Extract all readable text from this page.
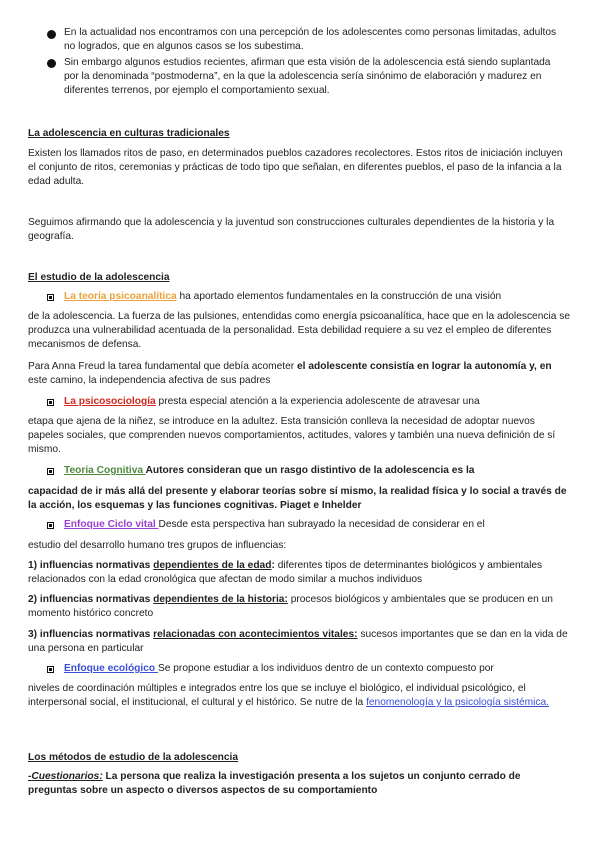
En la actualidad nos encontramos con una percepción de los adolescentes como personas limitadas, adultos no logrados, que en algunos casos se los subestima.

Sin embargo algunos estudios recientes, afirman que esta visión de la adolescencia está siendo suplantada por la denominada “postmoderna”, en la que la adolescencia sería sinónimo de elaboración y madurez en diferentes terrenos, por ejemplo el comportamiento sexual.

La adolescencia en culturas tradicionales

Existen los llamados ritos de paso, en determinados pueblos cazadores recolectores. Estos ritos de iniciación incluyen el conjunto de ritos, ceremonias y prácticas de todo tipo que señalan, en diferentes pueblos, el paso de la infancia a la edad adulta.

Seguimos afirmando que la adolescencia y la juventud son construcciones culturales dependientes de la historia y la geografía.

El estudio de la adolescencia

La teoría psicoanalítica ha aportado elementos fundamentales en la construcción de una visión

de la adolescencia. La fuerza de las pulsiones, entendidas como energía psicoanalítica, hace que en la adolescencia se produzca una vulnerabilidad acentuada de la personalidad. Esta debilidad requiere a su vez el empleo de diferentes mecanismos de defensa.

Para Anna Freud la tarea fundamental que debía acometer el adolescente consistía en lograr la autonomía y, en este camino, la independencia afectiva de sus padres

La psicosociología presta especial atención a la experiencia adolescente de atravesar una

etapa que ajena de la niñez, se introduce en la adultez. Esta transición conlleva la necesidad de adoptar nuevos papeles sociales, que comprenden nuevos comportamientos, actitudes, valores y también una nueva definición de sí mismo.

Teoria Cognitiva Autores consideran que un rasgo distintivo de la adolescencia es la

capacidad de ir más allá del presente y elaborar teorías sobre sí mismo, la realidad física y lo social a través de la acción, los esquemas y las funciones cognitivas. Piaget e Inhelder

Enfoque Ciclo vital Desde esta perspectiva han subrayado la necesidad de considerar en el

estudio del desarrollo humano tres grupos de influencias:

1) influencias normativas dependientes de la edad: diferentes tipos de determinantes biológicos y ambientales relacionados con la edad cronológica que afectan de modo similar a muchos individuos

2) influencias normativas dependientes de la historia: procesos biológicos y ambientales que se producen en un momento histórico concreto

3) influencias normativas relacionadas con acontecimientos vitales: sucesos importantes que se dan en la vida de una persona en particular

Enfoque ecológico Se propone estudiar a los individuos dentro de un contexto compuesto por

niveles de coordinación múltiples e integrados entre los que se incluye el biológico, el individual psicológico, el interpersonal social, el institucional, el cultural y el histórico. Se nutre de la fenomenología y la psicología sistémica.

Los métodos de estudio de la adolescencia

-Cuestionarios: La persona que realiza la investigación presenta a los sujetos un conjunto cerrado de preguntas sobre un aspecto o diversos aspectos de su comportamiento
